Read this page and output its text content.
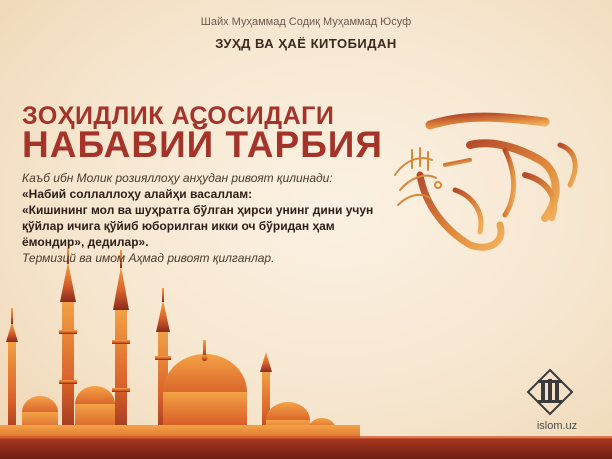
Шайх Муҳаммад Содиқ Муҳаммад Юсуф
ЗУҲД ВА ҲАЁ КИТОБИДАН
ЗОҲИДЛИК АСОСИДАГИ
НАБАВИЙ ТАРБИЯ

Каъб ибн Молик розияллоҳу анҳудан ривоят қилинади:

«Набий соллаллоҳу алайҳи васаллам:

«Кишининг мол ва шуҳратга бўлган ҳирси унинг дини учун қўйлар ичига қўйиб юборилган икки оч бўридан ҳам ёмондир», дедилар».

Термизий ва имом Аҳмад ривоят қилганлар.

islom.uz
